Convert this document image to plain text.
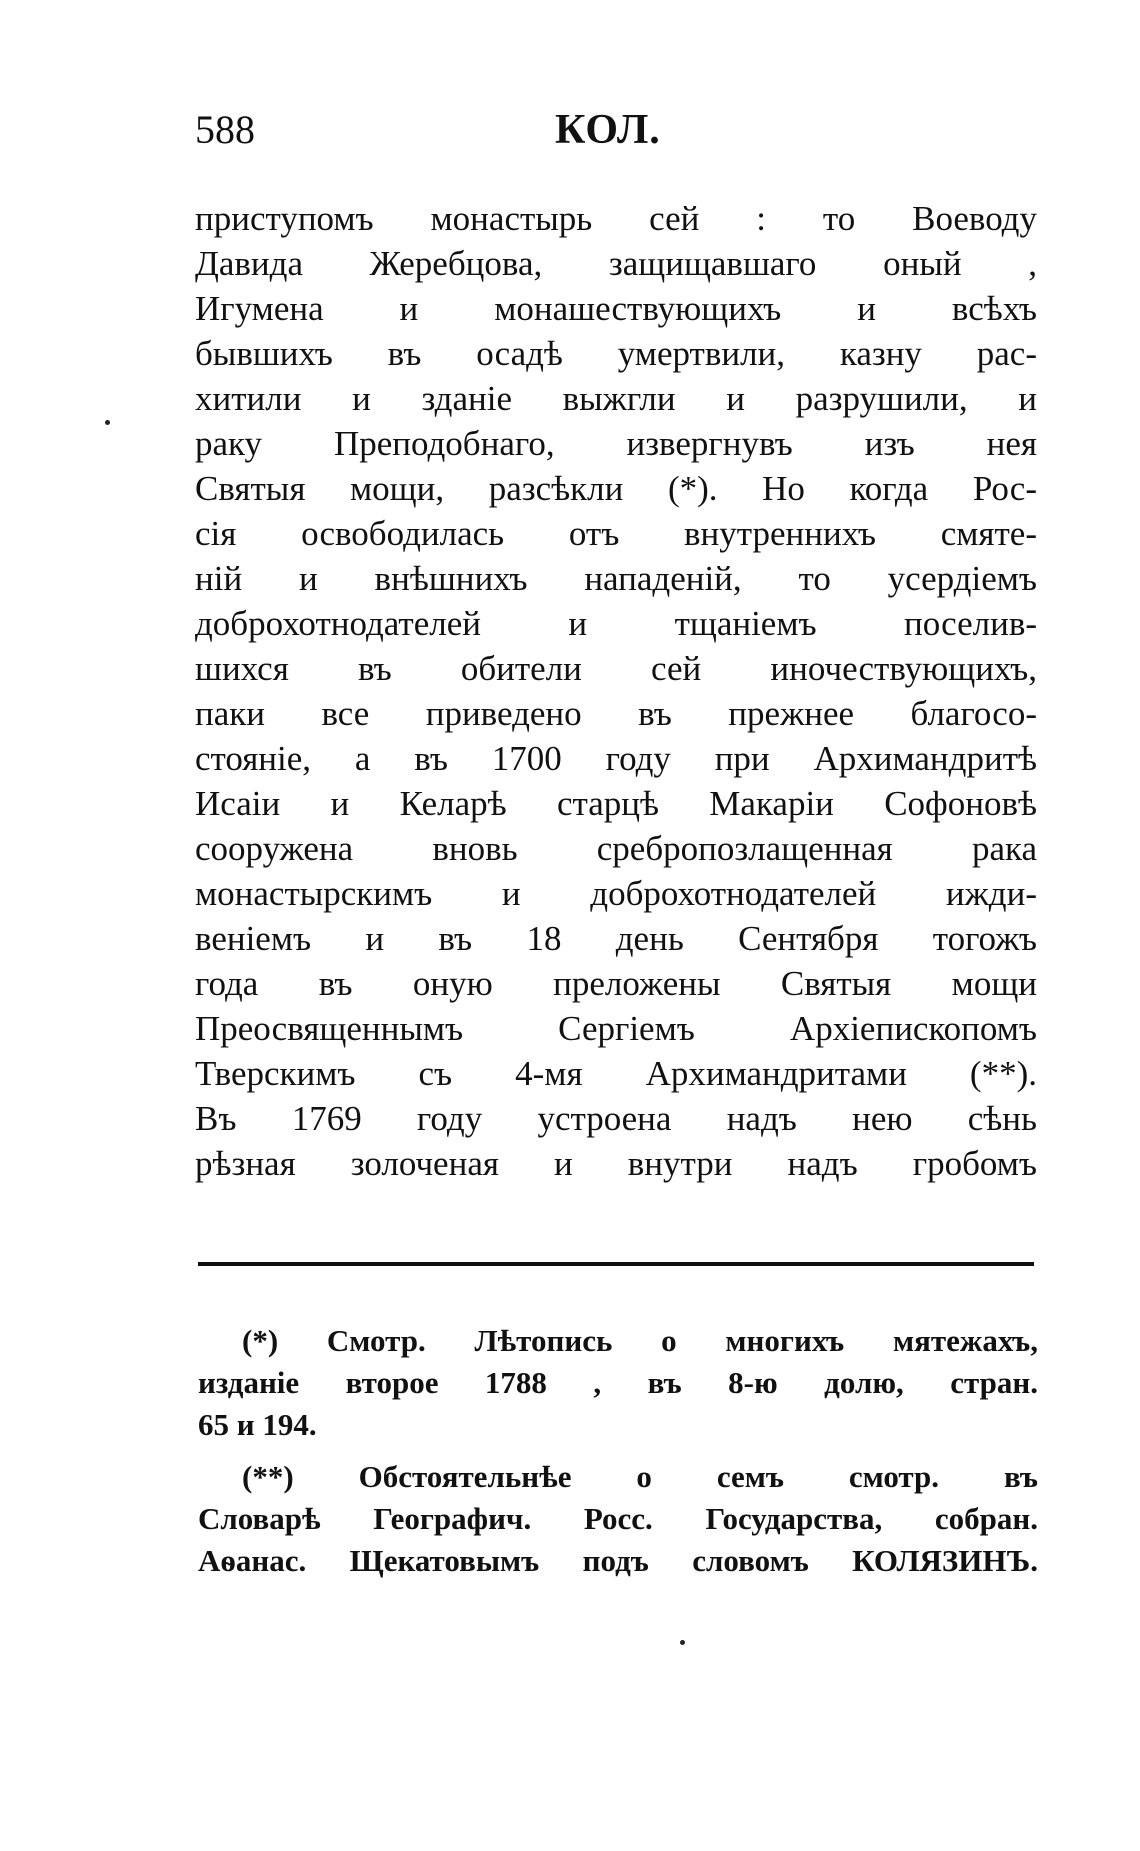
588	КОЛ.
приступомъ монастырь сей : то Воеводу
Давида Жеребцова, защищавшаго оный ,
Игумена и монашествующихъ и всѣхъ
бывшихъ въ осадѣ умертвили, казну рас-
хитили и зданіе выжгли и разрушили, и
раку Преподобнаго, извергнувъ изъ нея
Святыя мощи, разсѣкли (*). Но когда Рос-
сія освободилась отъ внутреннихъ смяте-
ній и внѣшнихъ нападеній, то усердіемъ
доброхотнодателей и тщаніемъ поселив-
шихся въ обители сей иночествующихъ,
паки все приведено въ прежнее благосо-
стояніе, а въ 1700 году при Архимандритѣ
Исаіи и Келарѣ старцѣ Макаріи Софоновѣ
сооружена вновь сребропозлащенная рака
монастырскимъ и доброхотнодателей ижди-
веніемъ и въ 18 день Сентября тогожъ
года въ оную преложены Святыя мощи
Преосвященнымъ Сергіемъ Архіепископомъ
Тверскимъ съ 4-мя Архимандритами (**).
Въ 1769 году устроена надъ нею сѣнь
рѣзная золоченая и внутри надъ гробомъ
(*) Смотр. Лѣтопись о многихъ мятежахъ,
изданіе второе 1788 , въ 8-ю долю, стран.
65 и 194.
(**) Обстоятельнѣе о семъ смотр. въ
Словарѣ Географич. Росс. Государства, собран.
Аѳанас. Щекатовымъ подъ словомъ КОЛЯЗИНЪ.
